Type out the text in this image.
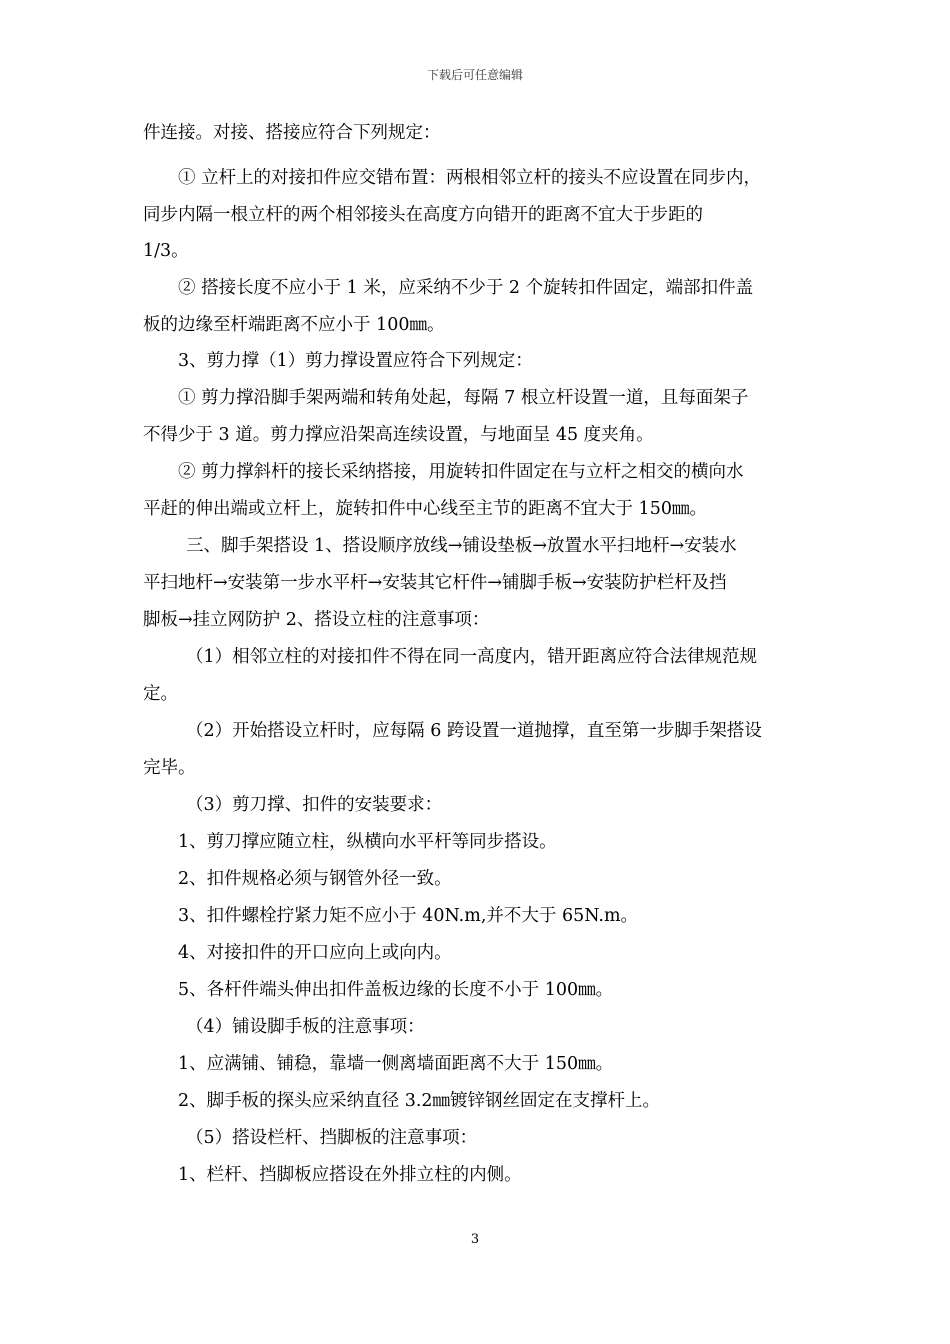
下载后可任意编辑
件连接。对接、搭接应符合下列规定：
① 立杆上的对接扣件应交错布置：两根相邻立杆的接头不应设置在同步内，
同步内隔一根立杆的两个相邻接头在高度方向错开的距离不宜大于步距的
1/3。
② 搭接长度不应小于 1 米，应采纳不少于 2 个旋转扣件固定，端部扣件盖
板的边缘至杆端距离不应小于 100㎜。
3、剪力撑（1）剪力撑设置应符合下列规定：
① 剪力撑沿脚手架两端和转角处起，每隔 7 根立杆设置一道，且每面架子
不得少于 3 道。剪力撑应沿架高连续设置，与地面呈 45 度夹角。
② 剪力撑斜杆的接长采纳搭接，用旋转扣件固定在与立杆之相交的横向水
平赶的伸出端或立杆上，旋转扣件中心线至主节的距离不宜大于 150㎜。
三、脚手架搭设 1、搭设顺序放线→铺设垫板→放置水平扫地杆→安装水
平扫地杆→安装第一步水平杆→安装其它杆件→铺脚手板→安装防护栏杆及挡
脚板→挂立网防护 2、搭设立柱的注意事项：
（1）相邻立柱的对接扣件不得在同一高度内，错开距离应符合法律规范规
定。
（2）开始搭设立杆时，应每隔 6 跨设置一道抛撑，直至第一步脚手架搭设
完毕。
（3）剪刀撑、扣件的安装要求：
1、剪刀撑应随立柱，纵横向水平杆等同步搭设。
2、扣件规格必须与钢管外径一致。
3、扣件螺栓拧紧力矩不应小于 40N.m,并不大于 65N.m。
4、对接扣件的开口应向上或向内。
5、各杆件端头伸出扣件盖板边缘的长度不小于 100㎜。
（4）铺设脚手板的注意事项：
1、应满铺、铺稳，靠墙一侧离墙面距离不大于 150㎜。
2、脚手板的探头应采纳直径 3.2㎜镀锌钢丝固定在支撑杆上。
（5）搭设栏杆、挡脚板的注意事项：
1、栏杆、挡脚板应搭设在外排立柱的内侧。
3
